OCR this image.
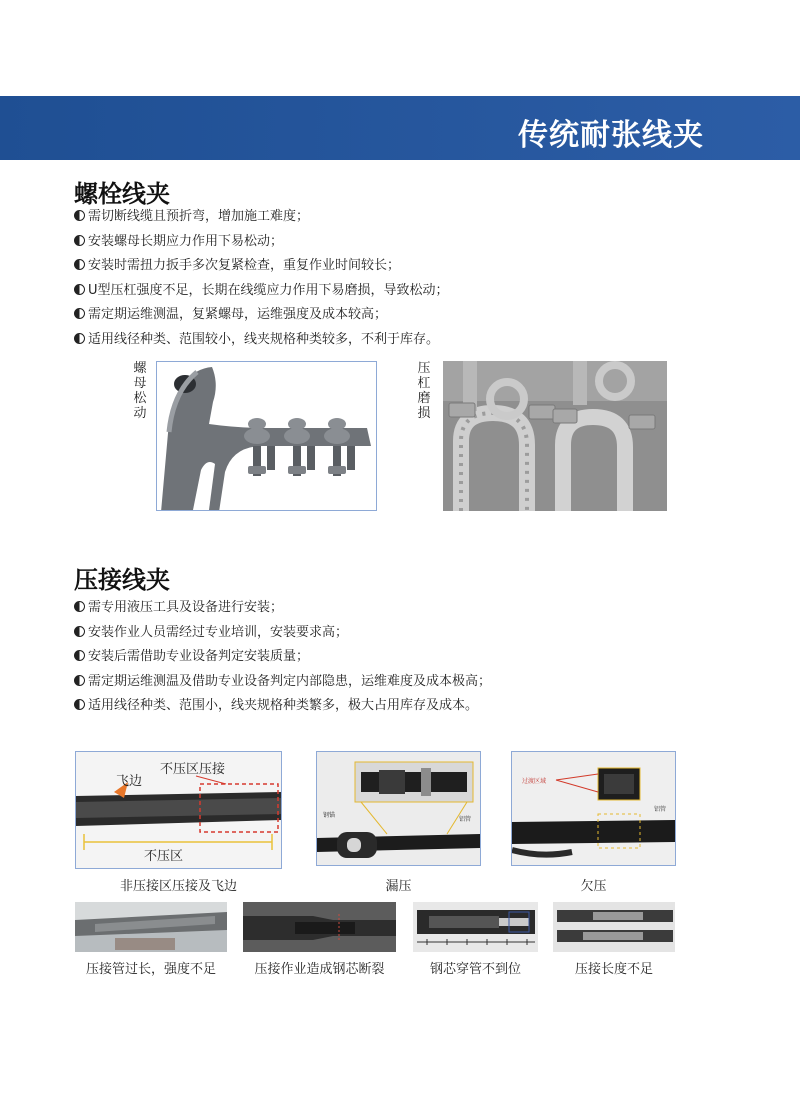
传统耐张线夹
螺栓线夹
需切断线缆且预折弯，增加施工难度；
安装螺母长期应力作用下易松动；
安装时需扭力扳手多次复紧检查，重复作业时间较长；
U型压杠强度不足，长期在线缆应力作用下易磨损，导致松动；
需定期运维测温，复紧螺母，运维强度及成本较高；
适用线径种类、范围较小，线夹规格种类较多，不利于库存。
螺母松动
压杠磨损
压接线夹
需专用液压工具及设备进行安装；
安装作业人员需经过专业培训，安装要求高；
安装后需借助专业设备判定安装质量；
需定期运维测温及借助专业设备判定内部隐患，运维难度及成本极高；
适用线径种类、范围小，线夹规格种类繁多，极大占用库存及成本。
飞边
不压区压接
不压区
非压接区压接及飞边
钢锚
铝管
漏压
过渡区域
铝管
欠压
压接管过长，强度不足	压接作业造成钢芯断裂	钢芯穿管不到位	压接长度不足
